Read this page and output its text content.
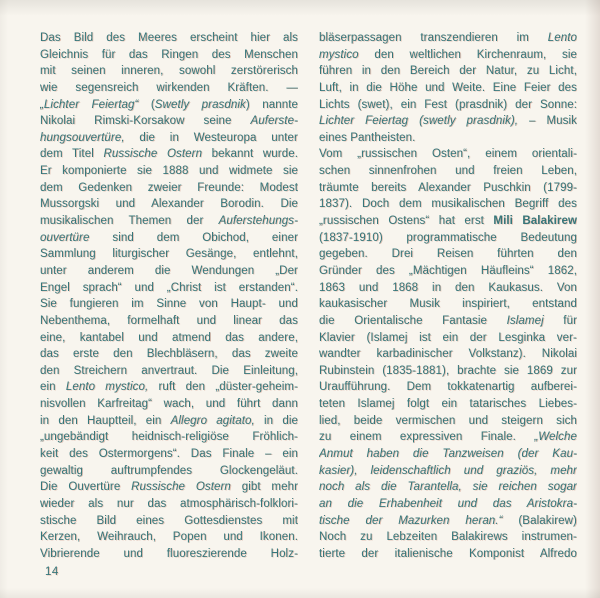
Das Bild des Meeres erscheint hier als
Gleichnis für das Ringen des Menschen
mit seinen inneren, sowohl zerstörerisch
wie segensreich wirkenden Kräften. —
„Lichter Feiertag“ (Swetly prasdnik) nannte
Nikolai Rimski-Korsakow seine Auferste-
hungsouvertüre, die in Westeuropa unter
dem Titel Russische Ostern bekannt wurde.
Er komponierte sie 1888 und widmete sie
dem Gedenken zweier Freunde: Modest
Mussorgski und Alexander Borodin. Die
musikalischen Themen der Auferstehungs-
ouvertüre sind dem Obichod, einer
Sammlung liturgischer Gesänge, entlehnt,
unter anderem die Wendungen „Der
Engel sprach“ und „Christ ist erstanden“.
Sie fungieren im Sinne von Haupt- und
Nebenthema, formelhaft und linear das
eine, kantabel und atmend das andere,
das erste den Blechbläsern, das zweite
den Streichern anvertraut. Die Einleitung,
ein Lento mystico, ruft den „düster-geheim-
nisvollen Karfreitag“ wach, und führt dann
in den Hauptteil, ein Allegro agitato, in die
„ungebändigt heidnisch-religiöse Fröhlich-
keit des Ostermorgens“. Das Finale – ein
gewaltig auftrumpfendes Glockengeläut.
Die Ouvertüre Russische Ostern gibt mehr
wieder als nur das atmosphärisch-folklori-
stische Bild eines Gottesdienstes mit
Kerzen, Weihrauch, Popen und Ikonen.
Vibrierende und fluoreszierende Holz-
bläserpassagen transzendieren im Lento
mystico den weltlichen Kirchenraum, sie
führen in den Bereich der Natur, zu Licht,
Luft, in die Höhe und Weite. Eine Feier des
Lichts (swet), ein Fest (prasdnik) der Sonne:
Lichter Feiertag (swetly prasdnik), – Musik
eines Pantheisten.
Vom „russischen Osten“, einem orientali-
schen sinnenfrohen und freien Leben,
träumte bereits Alexander Puschkin (1799-
1837). Doch dem musikalischen Begriff des
„russischen Ostens“ hat erst Mili Balakirew
(1837-1910) programmatische Bedeutung
gegeben. Drei Reisen führten den
Gründer des „Mächtigen Häufleins“ 1862,
1863 und 1868 in den Kaukasus. Von
kaukasischer Musik inspiriert, entstand
die Orientalische Fantasie Islamej für
Klavier (Islamej ist ein der Lesginka ver-
wandter karbadinischer Volkstanz). Nikolai
Rubinstein (1835-1881), brachte sie 1869 zur
Uraufführung. Dem tokkatenartig aufberei-
teten Islamej folgt ein tatarisches Liebes-
lied, beide vermischen und steigern sich
zu einem expressiven Finale. „Welche
Anmut haben die Tanzweisen (der Kau-
kasier), leidenschaftlich und graziös, mehr
noch als die Tarantella, sie reichen sogar
an die Erhabenheit und das Aristokra-
tische der Mazurken heran.“ (Balakirew)
Noch zu Lebzeiten Balakirews instrumen-
tierte der italienische Komponist Alfredo
14
